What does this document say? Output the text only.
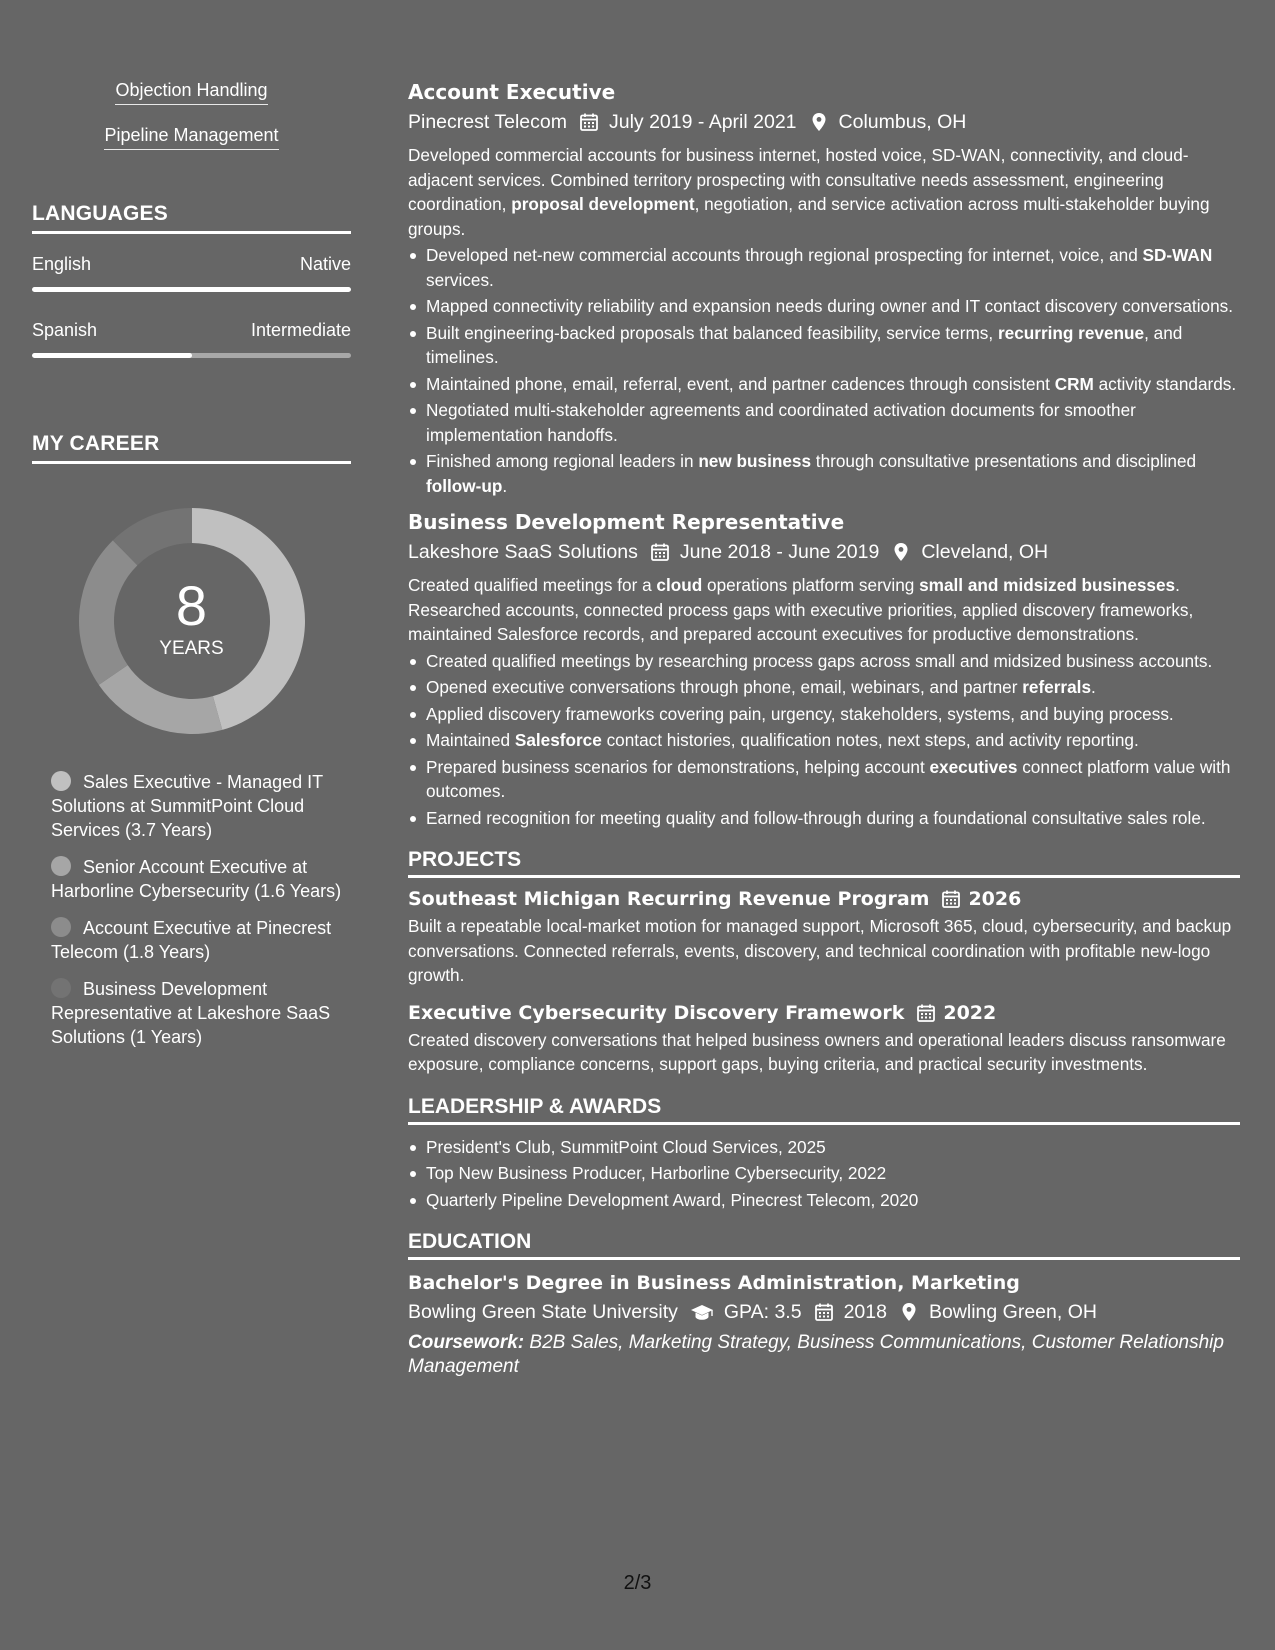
Objection Handling
Pipeline Management
LANGUAGES
English	Native
Spanish	Intermediate
MY CAREER
8
YEARS
Sales Executive - Managed IT Solutions at SummitPoint Cloud Services (3.7 Years)
Senior Account Executive at Harborline Cybersecurity (1.6 Years)
Account Executive at Pinecrest Telecom (1.8 Years)
Business Development Representative at Lakeshore SaaS Solutions (1 Years)
Account Executive
Pinecrest Telecom July 2019 - April 2021 Columbus, OH

Developed commercial accounts for business internet, hosted voice, SD-WAN, connectivity, and cloud-adjacent services. Combined territory prospecting with consultative needs assessment, engineering coordination, proposal development, negotiation, and service activation across multi-stakeholder buying groups.

Developed net-new commercial accounts through regional prospecting for internet, voice, and SD-WAN services.
Mapped connectivity reliability and expansion needs during owner and IT contact discovery conversations.
Built engineering-backed proposals that balanced feasibility, service terms, recurring revenue, and timelines.
Maintained phone, email, referral, event, and partner cadences through consistent CRM activity standards.
Negotiated multi-stakeholder agreements and coordinated activation documents for smoother implementation handoffs.
Finished among regional leaders in new business through consultative presentations and disciplined follow-up.
Business Development Representative
Lakeshore SaaS Solutions June 2018 - June 2019 Cleveland, OH

Created qualified meetings for a cloud operations platform serving small and midsized businesses. Researched accounts, connected process gaps with executive priorities, applied discovery frameworks, maintained Salesforce records, and prepared account executives for productive demonstrations.

Created qualified meetings by researching process gaps across small and midsized business accounts.
Opened executive conversations through phone, email, webinars, and partner referrals.
Applied discovery frameworks covering pain, urgency, stakeholders, systems, and buying process.
Maintained Salesforce contact histories, qualification notes, next steps, and activity reporting.
Prepared business scenarios for demonstrations, helping account executives connect platform value with outcomes.
Earned recognition for meeting quality and follow-through during a foundational consultative sales role.
PROJECTS
Southeast Michigan Recurring Revenue Program 2026

Built a repeatable local-market motion for managed support, Microsoft 365, cloud, cybersecurity, and backup conversations. Connected referrals, events, discovery, and technical coordination with profitable new-logo growth.

Executive Cybersecurity Discovery Framework 2022

Created discovery conversations that helped business owners and operational leaders discuss ransomware exposure, compliance concerns, support gaps, buying criteria, and practical security investments.

LEADERSHIP & AWARDS
President's Club, SummitPoint Cloud Services, 2025
Top New Business Producer, Harborline Cybersecurity, 2022
Quarterly Pipeline Development Award, Pinecrest Telecom, 2020
EDUCATION
Bachelor's Degree in Business Administration, Marketing
Bowling Green State University GPA: 3.5 2018 Bowling Green, OH

Coursework: B2B Sales, Marketing Strategy, Business Communications, Customer Relationship Management

2/3
